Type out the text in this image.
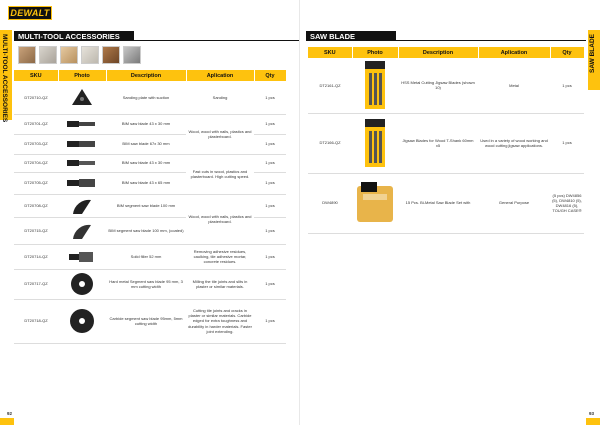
DEWALT
MULTI-TOOL ACCESSORIES MULTI-TOOL ACCESSORIES
SKU	Photo	Description	Aplication	Qty
DT20710-QZ		Sanding plate with suction	Sanding	1 pcs
DT20701-QZ		BIM saw blade 43 x 30 mm	Wood, wood with nails, plastics and plasterboard.	1 pcs
DT20703-QZ		BIM saw blade 67x 30 mm		1 pcs
DT20704-QZ		BIM saw blade 43 x 30 mm	Fast cuts in wood, plastics and plasterboard. High cutting speed.	1 pcs
DT20705-QZ		BIM saw blade 43 x 65 mm		1 pcs
DT20708-QZ		BIM segment saw blade 100 mm	Wood, wood with nails, plastics and plasterboard.	1 pcs
DT20715-QZ		BIM segment saw blade 100 mm, (coated)		1 pcs
DT20714-QZ		Solid filler 52 mm	Removing adhesive residues, caulking, tile adhesive mortar, concrete residues.	1 pcs
DT20717-QZ		Hard metal Segment saw blade 95 mm, 3 mm cutting width	Milling the tile joints and slits in plaster or similar materials.	1 pcs
DT20718-QZ		Carbide segment saw blade 95mm, 5mm cutting width	Cutting tile joints and cracks in plaster or similar materials. Carbide edged for extra toughness and durability in harder materials. Faster joint extending.	1 pcs
92
SAW BLADE	SAW BLADE
SKU	Photo	Description	Aplication	Qty
DT2161-QZ		HSS Metal Cutting Jigsaw Blades (shown 10)	Metal	1 pcs
DT2166-QZ		Jigsaw Blades for Wood T-Shank 60mm x5	Used in a variety of wood working and wood cutting jigsaw applications.	1 pcs
DW4890		15 Pcs. Bi-Metal Saw Blade Set with	General Purpose	(5 pcs) DW4856 (5), DW4810 (5), DW4816 (5), TOUGH CASE®
93
